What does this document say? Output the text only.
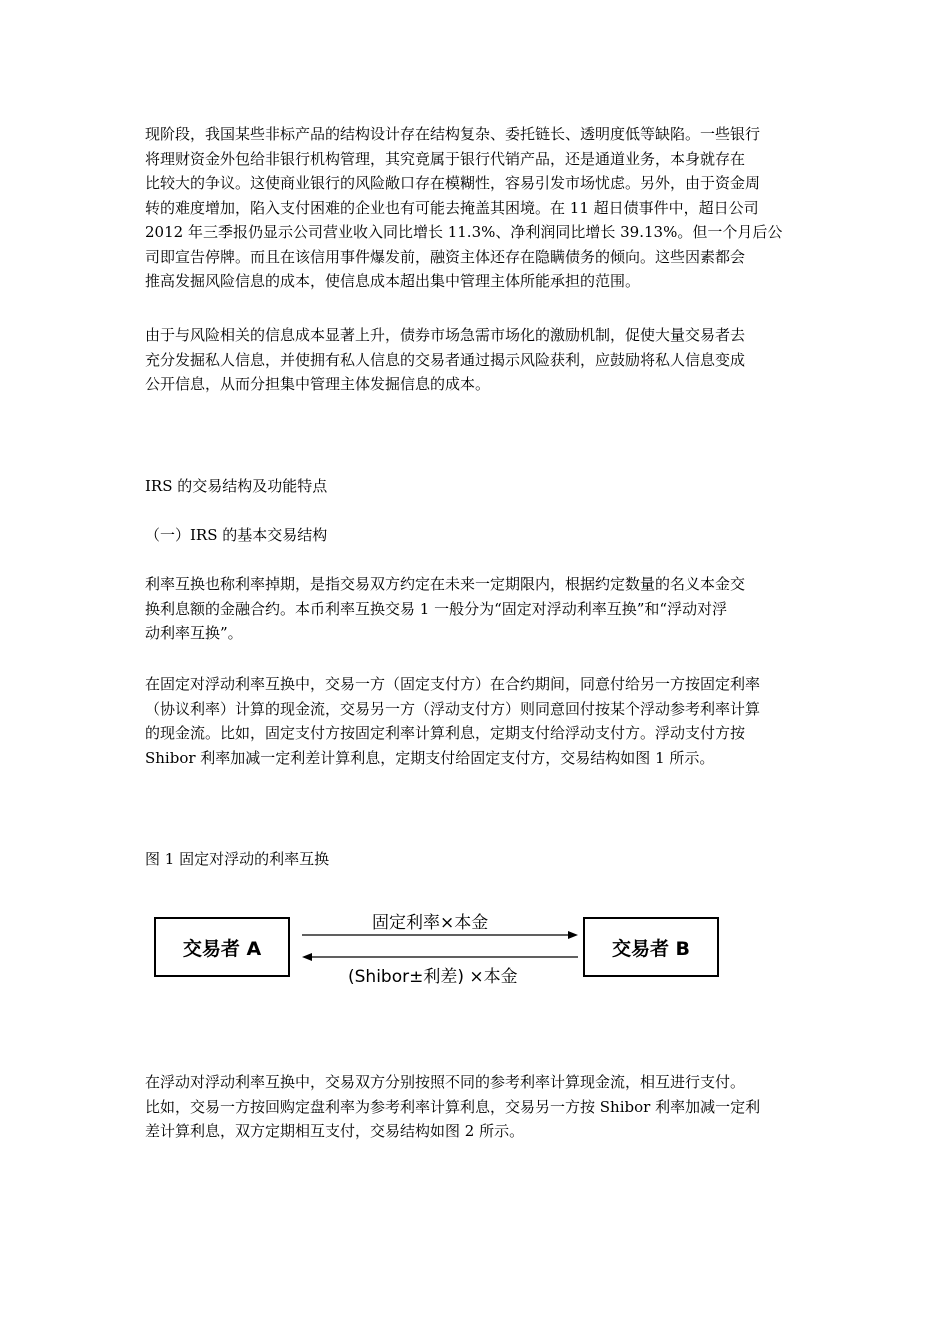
现阶段，我国某些非标产品的结构设计存在结构复杂、委托链长、透明度低等缺陷。一些银行
将理财资金外包给非银行机构管理，其究竟属于银行代销产品，还是通道业务，本身就存在
比较大的争议。这使商业银行的风险敞口存在模糊性，容易引发市场忧虑。另外，由于资金周
转的难度增加，陷入支付困难的企业也有可能去掩盖其困境。在 11 超日债事件中，超日公司
2012 年三季报仍显示公司营业收入同比增长 11.3%、净利润同比增长 39.13%。但一个月后公
司即宣告停牌。而且在该信用事件爆发前，融资主体还存在隐瞒债务的倾向。这些因素都会
推高发掘风险信息的成本，使信息成本超出集中管理主体所能承担的范围。
由于与风险相关的信息成本显著上升，债券市场急需市场化的激励机制，促使大量交易者去
充分发掘私人信息，并使拥有私人信息的交易者通过揭示风险获利，应鼓励将私人信息变成
公开信息，从而分担集中管理主体发掘信息的成本。

IRS 的交易结构及功能特点

（一）IRS 的基本交易结构

利率互换也称利率掉期，是指交易双方约定在未来一定期限内，根据约定数量的名义本金交
换利息额的金融合约。本币利率互换交易 1 一般分为“固定对浮动利率互换”和“浮动对浮
动利率互换”。
在固定对浮动利率互换中，交易一方（固定支付方）在合约期间，同意付给另一方按固定利率
（协议利率）计算的现金流，交易另一方（浮动支付方）则同意回付按某个浮动参考利率计算
的现金流。比如，固定支付方按固定利率计算利息，定期支付给浮动支付方。浮动支付方按
Shibor 利率加减一定利差计算利息，定期支付给固定支付方，交易结构如图 1 所示。

图 1 固定对浮动的利率互换

交易者 A	交易者 B
固定利率×本金
(Shibor±利差) ×本金
在浮动对浮动利率互换中，交易双方分别按照不同的参考利率计算现金流，相互进行支付。
比如，交易一方按回购定盘利率为参考利率计算利息，交易另一方按 Shibor 利率加减一定利
差计算利息，双方定期相互支付，交易结构如图 2 所示。
